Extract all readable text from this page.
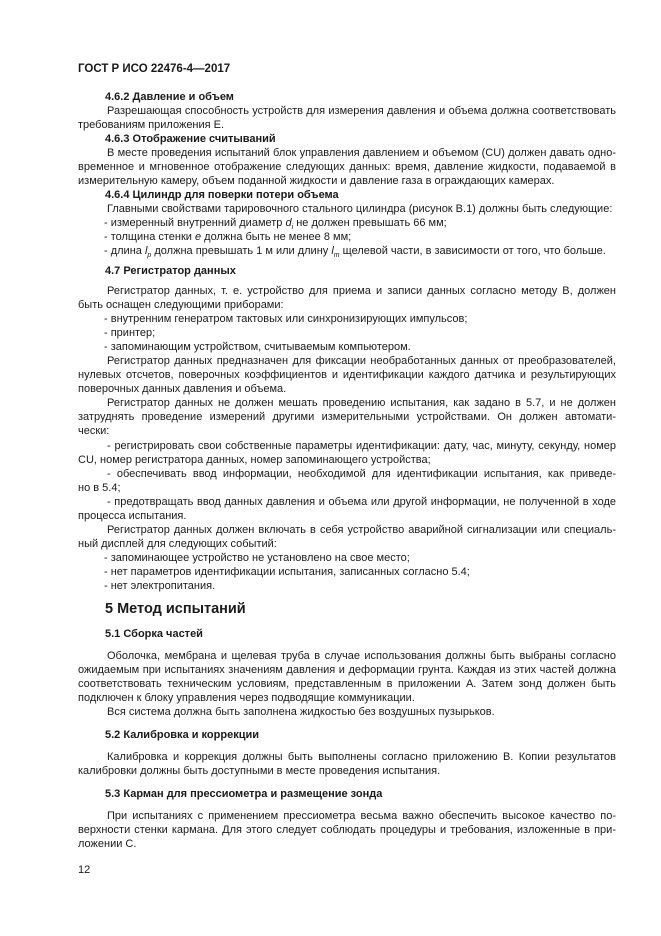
ГОСТ Р ИСО 22476-4—2017
4.6.2 Давление и объем
Разрешающая способность устройств для измерения давления и объема должна соответствовать
требованиям приложения Е.
4.6.3 Отображение считываний
В месте проведения испытаний блок управления давлением и объемом (CU) должен давать одно-
временное и мгновенное отображение следующих данных: время, давление жидкости, подаваемой в
измерительную камеру, объем поданной жидкости и давление газа в ограждающих камерах.
4.6.4 Цилиндр для поверки потери объема
Главными свойствами тарировочного стального цилиндра (рисунок В.1) должны быть следующие:
- измеренный внутренний диаметр $d_i$ не должен превышать 66 мм;
- толщина стенки e должна быть не менее 8 мм;
- длина $l_p$ должна превышать 1 м или длину $l_m$ щелевой части, в зависимости от того, что больше.
4.7 Регистратор данных
Регистратор данных, т. е. устройство для приема и записи данных согласно методу В, должен
быть оснащен следующими приборами:
- внутренним генератром тактовых или синхронизирующих импульсов;
- принтер;
- запоминающим устройством, считываемым компьютером.
Регистратор данных предназначен для фиксации необработанных данных от преобразователей,
нулевых отсчетов, поверочных коэффициентов и идентификации каждого датчика и результирующих
поверочных данных давления и объема.
Регистратор данных не должен мешать проведению испытания, как задано в 5.7, и не должен
затруднять проведение измерений другими измерительными устройствами. Он должен автомати-
чески:
- регистрировать свои собственные параметры идентификации: дату, час, минуту, секунду, номер
CU, номер регистратора данных, номер запоминающего устройства;
- обеспечивать ввод информации, необходимой для идентификации испытания, как приведе-
но в 5.4;
- предотвращать ввод данных давления и объема или другой информации, не полученной в ходе
процесса испытания.
Регистратор данных должен включать в себя устройство аварийной сигнализации или специаль-
ный дисплей для следующих событий:
- запоминающее устройство не установлено на свое место;
- нет параметров идентификации испытания, записанных согласно 5.4;
- нет электропитания.
5 Метод испытаний
5.1 Сборка частей
Оболочка, мембрана и щелевая труба в случае использования должны быть выбраны согласно
ожидаемым при испытаниях значениям давления и деформации грунта. Каждая из этих частей должна
соответствовать техническим условиям, представленным в приложении А. Затем зонд должен быть
подключен к блоку управления через подводящие коммуникации.
Вся система должна быть заполнена жидкостью без воздушных пузырьков.
5.2 Калибровка и коррекции
Калибровка и коррекция должны быть выполнены согласно приложению В. Копии результатов
калибровки должны быть доступными в месте проведения испытания.
5.3 Карман для прессиометра и размещение зонда
При испытаниях с применением прессиометра весьма важно обеспечить высокое качество по-
верхности стенки кармана. Для этого следует соблюдать процедуры и требования, изложенные в при-
ложении С.
12
